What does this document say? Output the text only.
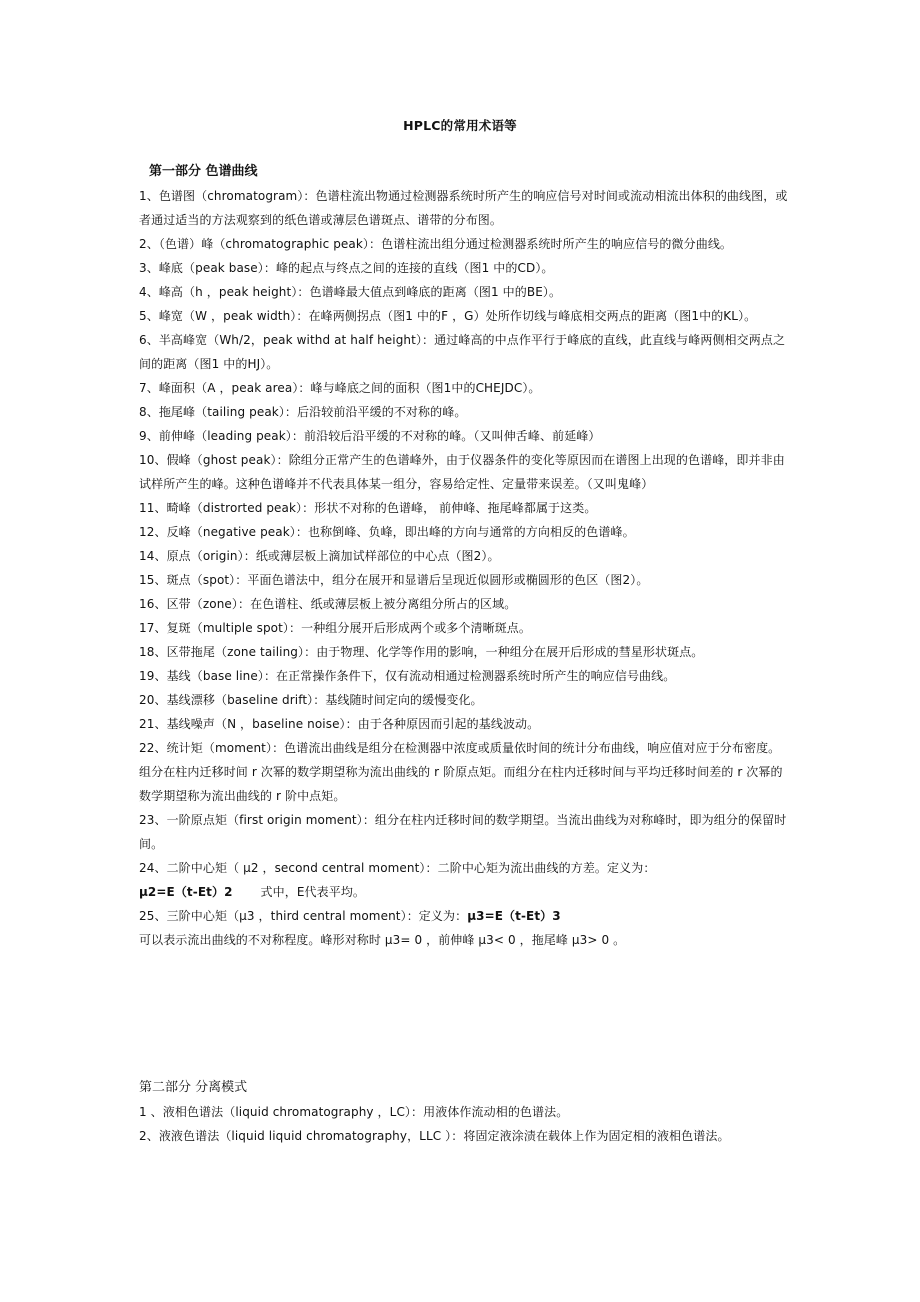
HPLC的常用术语等
第一部分 色谱曲线

1、色谱图（chromatogram）：色谱柱流出物通过检测器系统时所产生的响应信号对时间或流动相流出体积的曲线图，或者通过适当的方法观察到的纸色谱或薄层色谱斑点、谱带的分布图。

2、（色谱）峰（chromatographic peak）：色谱柱流出组分通过检测器系统时所产生的响应信号的微分曲线。

3、峰底（peak base）：峰的起点与终点之间的连接的直线（图1 中的CD）。

4、峰高（h ，peak height）：色谱峰最大值点到峰底的距离（图1 中的BE）。

5、峰宽（W ，peak width）：在峰两侧拐点（图1 中的F ，G）处所作切线与峰底相交两点的距离（图1中的KL）。

6、半高峰宽（Wh/2，peak withd at half height）：通过峰高的中点作平行于峰底的直线，此直线与峰两侧相交两点之间的距离（图1 中的HJ）。

7、峰面积（A ，peak area）：峰与峰底之间的面积（图1中的CHEJDC）。

8、拖尾峰（tailing peak）：后沿较前沿平缓的不对称的峰。

9、前伸峰（leading peak）：前沿较后沿平缓的不对称的峰。（又叫伸舌峰、前延峰）

10、假峰（ghost peak）：除组分正常产生的色谱峰外，由于仪器条件的变化等原因而在谱图上出现的色谱峰，即并非由试样所产生的峰。这种色谱峰并不代表具体某一组分，容易给定性、定量带来误差。（又叫鬼峰）

11、畸峰（distrorted peak）：形状不对称的色谱峰， 前伸峰、拖尾峰都属于这类。

12、反峰（negative peak）：也称倒峰、负峰，即出峰的方向与通常的方向相反的色谱峰。

14、原点（origin）：纸或薄层板上滴加试样部位的中心点（图2）。

15、斑点（spot）：平面色谱法中，组分在展开和显谱后呈现近似圆形或椭圆形的色区（图2）。

16、区带（zone）：在色谱柱、纸或薄层板上被分离组分所占的区域。

17、复斑（multiple spot）：一种组分展开后形成两个或多个清晰斑点。

18、区带拖尾（zone tailing）：由于物理、化学等作用的影响，一种组分在展开后形成的彗星形状斑点。

19、基线（base line）：在正常操作条件下，仅有流动相通过检测器系统时所产生的响应信号曲线。

20、基线漂移（baseline drift）：基线随时间定向的缓慢变化。

21、基线噪声（N ，baseline noise）：由于各种原因而引起的基线波动。

22、统计矩（moment）：色谱流出曲线是组分在检测器中浓度或质量依时间的统计分布曲线，响应值对应于分布密度。组分在柱内迁移时间 r 次幂的数学期望称为流出曲线的 r 阶原点矩。而组分在柱内迁移时间与平均迁移时间差的 r 次幂的数学期望称为流出曲线的 r 阶中点矩。

23、一阶原点矩（first origin moment）：组分在柱内迁移时间的数学期望。当流出曲线为对称峰时，即为组分的保留时间。

24、二阶中心矩（ μ2 ，second central moment）：二阶中心矩为流出曲线的方差。定义为：

μ2=E（t-Et）2 式中，E代表平均。

25、三阶中心矩（μ3 ，third central moment）：定义为：μ3=E（t-Et）3

可以表示流出曲线的不对称程度。峰形对称时 μ3= 0 ，前伸峰 μ3< 0 ，拖尾峰 μ3> 0 。

第二部分 分离模式

1 、液相色谱法（liquid chromatography ，LC）：用液体作流动相的色谱法。

2、液液色谱法（liquid liquid chromatography，LLC ）：将固定液涂渍在载体上作为固定相的液相色谱法。
